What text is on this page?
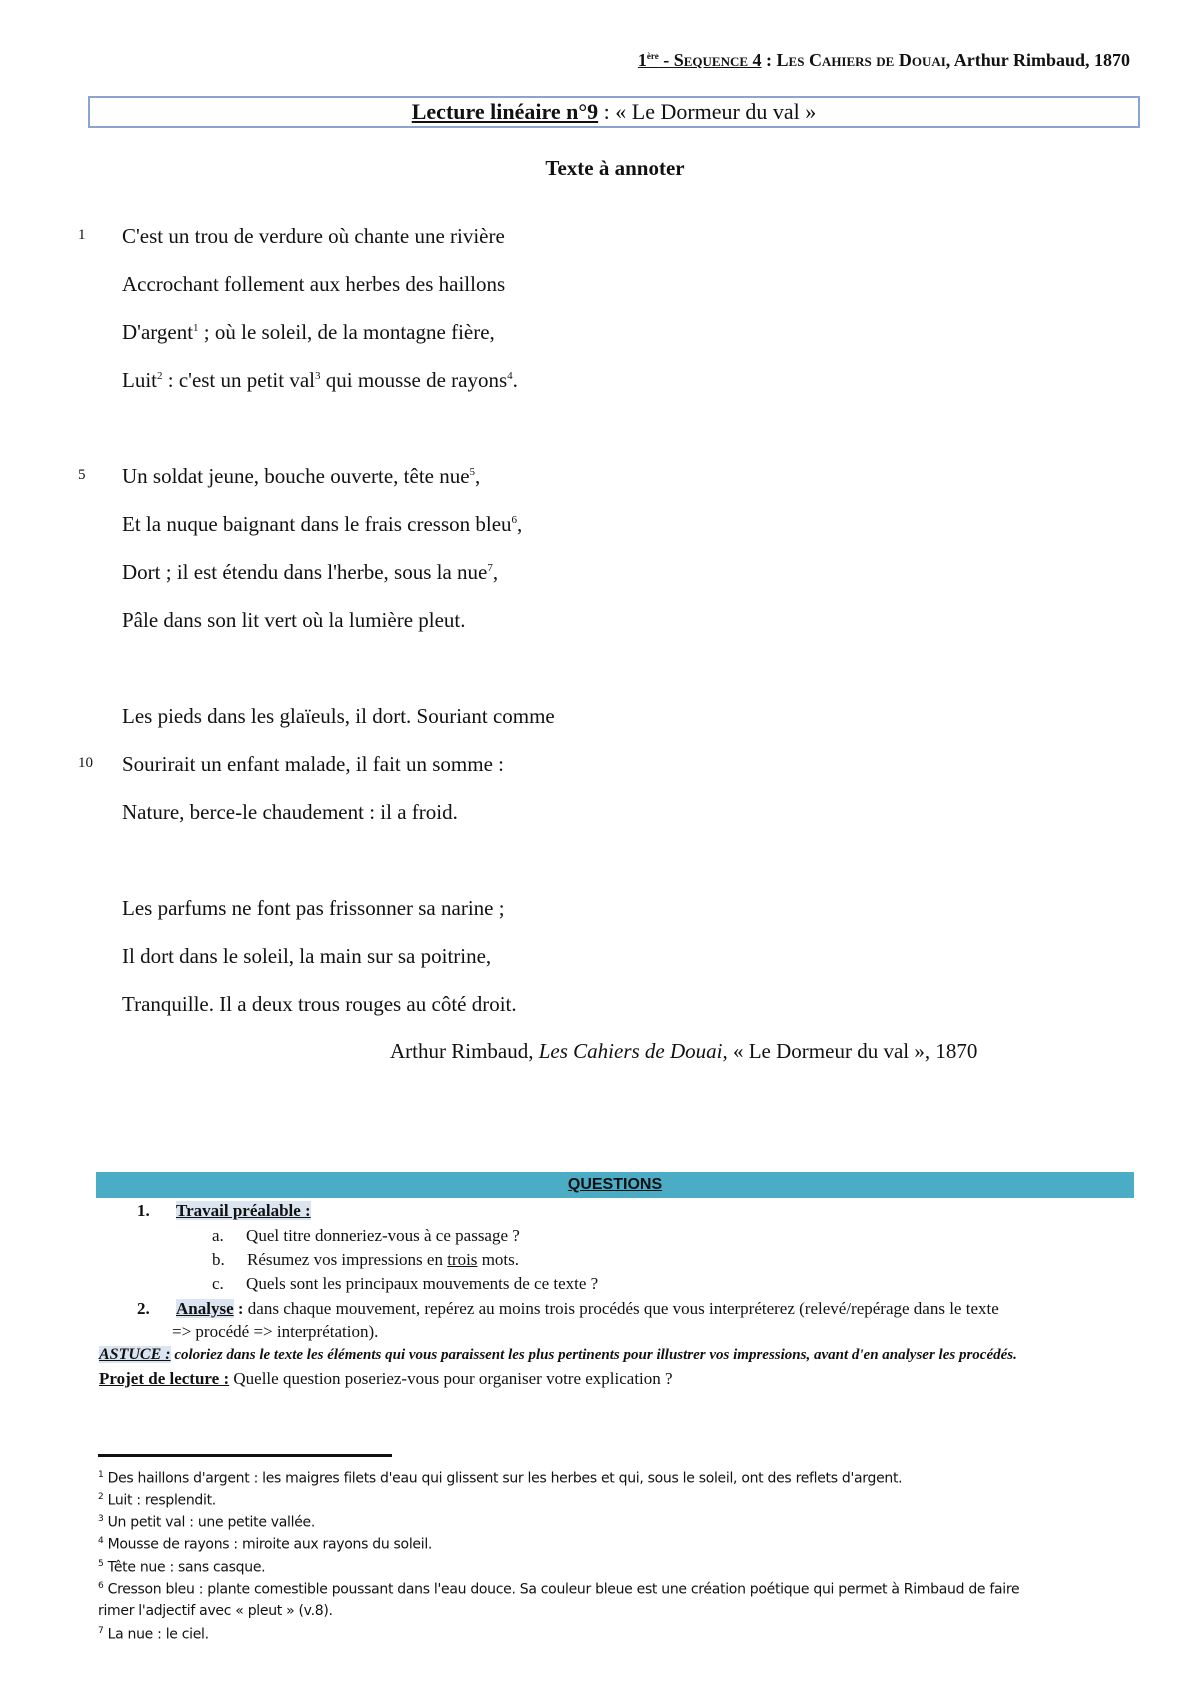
1ère - Sequence 4 : Les Cahiers de Douai, Arthur Rimbaud, 1870
Lecture linéaire n°9 : « Le Dormeur du val »
Texte à annoter
1 C'est un trou de verdure où chante une rivière
Accrochant follement aux herbes des haillons
D'argent$^1$ ; où le soleil, de la montagne fière,
Luit$^2$ : c'est un petit val$^3$ qui mousse de rayons$^4$.
5 Un soldat jeune, bouche ouverte, tête nue$^5$,
Et la nuque baignant dans le frais cresson bleu$^6$,
Dort ; il est étendu dans l'herbe, sous la nue$^7$,
Pâle dans son lit vert où la lumière pleut.
Les pieds dans les glaïeuls, il dort. Souriant comme
10 Sourirait un enfant malade, il fait un somme :
Nature, berce-le chaudement : il a froid.
Les parfums ne font pas frissonner sa narine ;
Il dort dans le soleil, la main sur sa poitrine,
Tranquille. Il a deux trous rouges au côté droit.
Arthur Rimbaud, Les Cahiers de Douai, « Le Dormeur du val », 1870
QUESTIONS
1. Travail préalable :
a. Quel titre donneriez-vous à ce passage ?
b. Résumez vos impressions en trois mots.
c. Quels sont les principaux mouvements de ce texte ?
2. Analyse : dans chaque mouvement, repérez au moins trois procédés que vous interpréterez (relevé/repérage dans le texte
=> procédé => interprétation).
ASTUCE : coloriez dans le texte les éléments qui vous paraissent les plus pertinents pour illustrer vos impressions, avant d'en analyser les procédés.
Projet de lecture : Quelle question poseriez-vous pour organiser votre explication ?
$^1$ Des haillons d'argent : les maigres filets d'eau qui glissent sur les herbes et qui, sous le soleil, ont des reflets d'argent.
$^2$ Luit : resplendit.
$^3$ Un petit val : une petite vallée.
$^4$ Mousse de rayons : miroite aux rayons du soleil.
$^5$ Tête nue : sans casque.
$^6$ Cresson bleu : plante comestible poussant dans l'eau douce. Sa couleur bleue est une création poétique qui permet à Rimbaud de faire
rimer l'adjectif avec « pleut » (v.8).
$^7$ La nue : le ciel.
